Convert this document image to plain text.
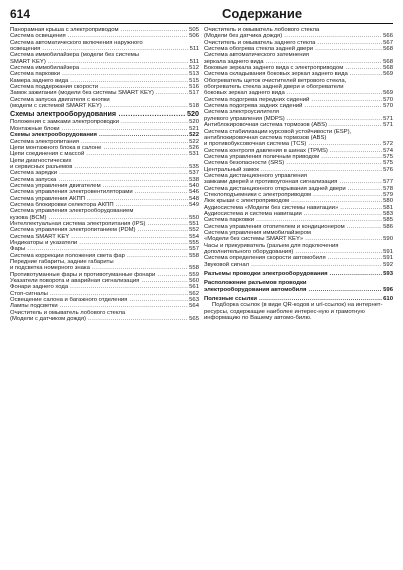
614	Содержание
Панорамная крыша с электроприводом .....	505
Система освещения .....	506
Система автоматического включения наружного
освещения .....	511
Система иммобилайзера (модели без системы
SMART KEY) .....	511
Система иммобилайзера .....	512
Система парковки .....	513
Камера заднего вида .....	515
Система поддержания скорости .....	516
Замок зажигания (модели без системы SMART KEY) .....	517
Система запуска двигателя с кнопки
(модели с системой SMART KEY) .....	518
Схемы электрооборудования .....	520
Положения с замками электропроводки .....	520
Монтажные блоки .....	521
Схемы электрооборудования .....	522
Система электропитания .....	522
Цепи монтажного блока в салоне .....	526
Цепи соединения с массой .....	531
Цепи диагностических
и сервисных разъемов .....	535
Система зарядки .....	537
Система запуска .....	538
Система управления двигателем .....	540
Система управления электровентиляторами .....	546
Система управления АКПП .....	548
Система блокировки селектора АКПП .....	549
Система управления электрооборудованием
кузова (BCM) .....	550
Интеллектуальная система электропитания (IPS) .....	551
Система управления электропитанием (PDM) .....	552
Система SMART KEY .....	554
Индикаторы и указатели .....	555
Фары .....	557
Система коррекции положения света фар .....	558
Передние габариты, задние габариты
и подсветка номерного знака .....	558
Противотуманные фары и противотуманные фонари .....	559
Указатели поворота и аварийная сигнализация .....	560
Фонари заднего хода .....	561
Стоп-сигналы .....	562
Освещение салона и багажного отделения .....	563
Лампы подсветки .....	564
Очиститель и омыватель лобового стекла
(Модели с датчиком дождя) .....	565
Очиститель и омыватель лобового стекла
(Модели без датчика дождя) .....	566
Очиститель и омыватель заднего стекла .....	567
Система обогрева стекла задней двери .....	568
Система автоматического затемнения
зеркала заднего вида .....	568
Боковые зеркала заднего вида с электроприводом .....	568
Система складывания боковых зеркал заднего вида .....	569
Обогреватель щеток очистителей ветрового стекла,
обогреватель стекла задней двери и обогреватели
боковых зеркал заднего вида .....	569
Система подогрева передних сидений .....	570
Система подогрева задних сидений .....	570
Система электроусилителя
рулевого управления (MDPS) .....	571
Антиблокировочная система тормозов (ABS) .....	571
Система стабилизации курсовой устойчивости (ESP),
антиблокировочная система тормозов (ABS)
и противобуксовочная система (TCS) .....	572
Система контроля давления в шинах (TPMS) .....	574
Система управления поличным приводом .....	575
Система безопасности (SRS) .....	575
Центральный замок .....	576
Система дистанционного управления
замками дверей и противоугонная сигнализация .....	577
Система дистанционного открывания задней двери .....	578
Стеклоподъемники с электроприводом .....	579
Люк крыши с электроприводом .....	580
Аудиосистема «Модели без системы навигации» .....	581
Аудиосистема и система навигации .....	583
Система парковки .....	585
Система управления отопителем и кондиционером .....	586
Система управления иммобилайзером
«Модели без системы SMART KEY» .....	590
Часы и прикуриватель (разъем для подключения
дополнительного оборудования) .....	591
Система определения скорости автомобиля .....	591
Звуковой сигнал .....	592
Разъемы проводки электрооборудования .....	593
Расположение разъемов проводки
электрооборудования автомобиля .....	596
Полезные ссылки .....	610
Подборка ссылок (в виде QR-кодов и url-ссылок) на интернет-ресурсы, содержащие наиболее интерес-ную и грамотную информацию по Вашему автомо-билю.
